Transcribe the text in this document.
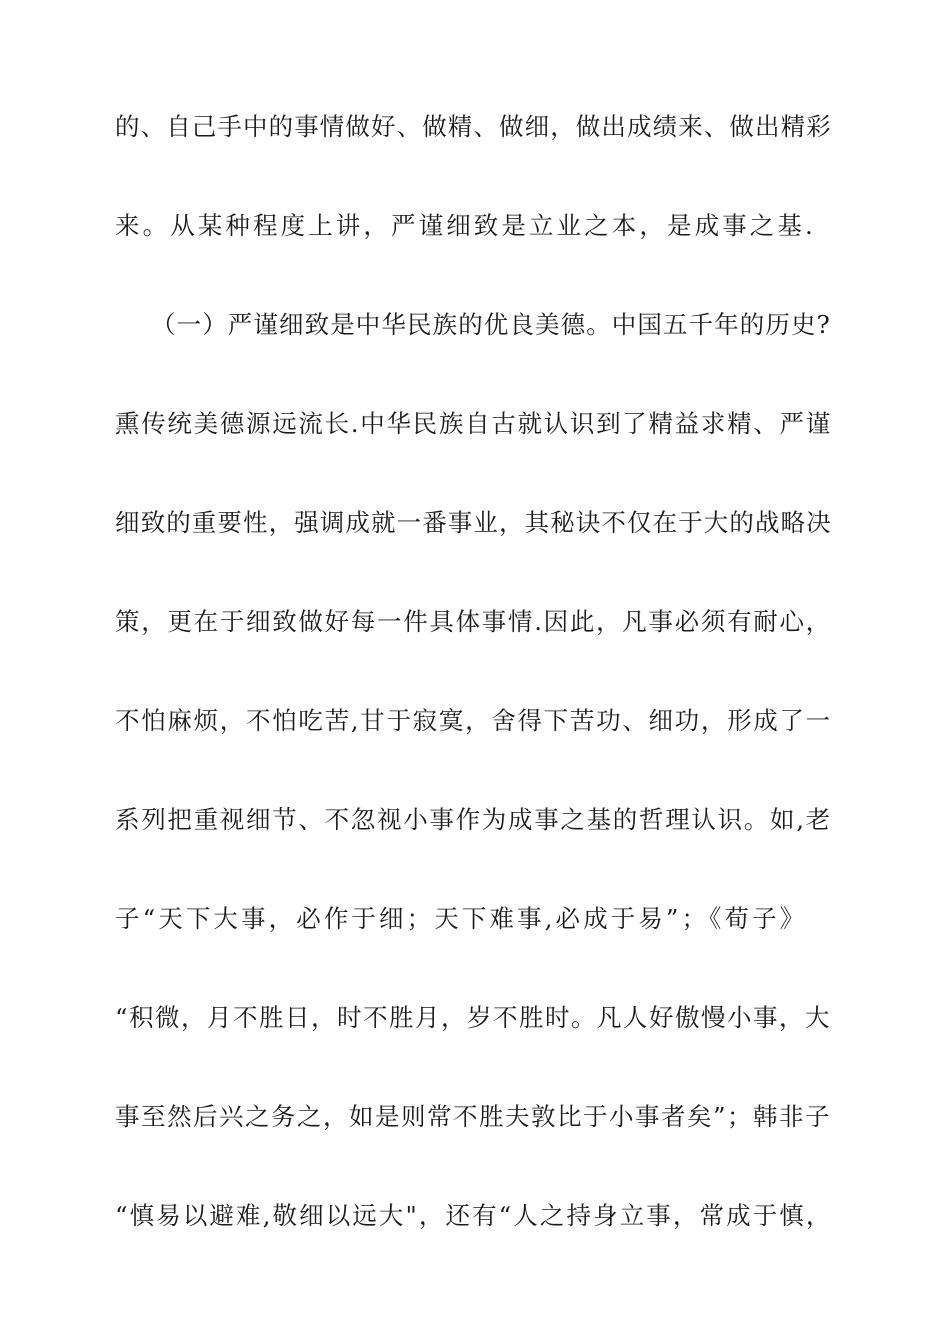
的、自己手中的事情做好、做精、做细，做出成绩来、做出精彩
来。从某种程度上讲，严谨细致是立业之本，是成事之基.
（一）严谨细致是中华民族的优良美德。中国五千年的历史?
熏传统美德源远流长.中华民族自古就认识到了精益求精、严谨
细致的重要性，强调成就一番事业，其秘诀不仅在于大的战略决
策，更在于细致做好每一件具体事情.因此，凡事必须有耐心，
不怕麻烦，不怕吃苦,甘于寂寞，舍得下苦功、细功，形成了一
系列把重视细节、不忽视小事作为成事之基的哲理认识。如,老
子“天下大事，必作于细；天下难事,必成于易”；《荀子》
“积微，月不胜日，时不胜月，岁不胜时。凡人好傲慢小事，大
事至然后兴之务之，如是则常不胜夫敦比于小事者矣”；韩非子
“慎易以避难,敬细以远大"，还有“人之持身立事，常成于慎，
